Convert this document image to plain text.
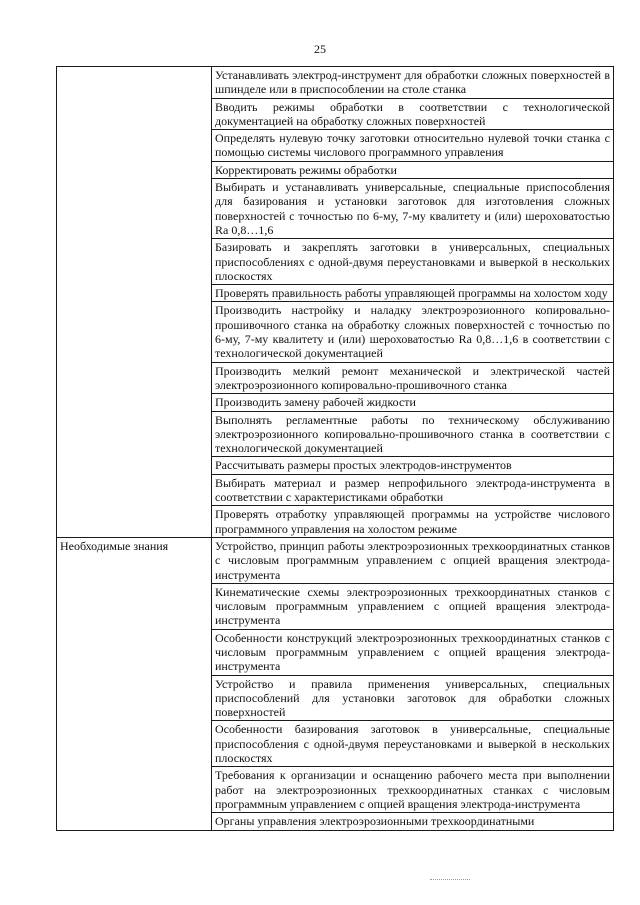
25
	Устанавливать электрод-инструмент для обработки сложных поверхностей в шпинделе или в приспособлении на столе станка
	Вводить режимы обработки в соответствии с технологической документацией на обработку сложных поверхностей
	Определять нулевую точку заготовки относительно нулевой точки станка с помощью системы числового программного управления
	Корректировать режимы обработки
	Выбирать и устанавливать универсальные, специальные приспособления для базирования и установки заготовок для изготовления сложных поверхностей с точностью по 6-му, 7-му квалитету и (или) шероховатостью Ra 0,8…1,6
	Базировать и закреплять заготовки в универсальных, специальных приспособлениях с одной-двумя переустановками и выверкой в нескольких плоскостях
	Проверять правильность работы управляющей программы на холостом ходу
	Производить настройку и наладку электроэрозионного копировально-прошивочного станка на обработку сложных поверхностей с точностью по 6-му, 7-му квалитету и (или) шероховатостью Ra 0,8…1,6 в соответствии с технологической документацией
	Производить мелкий ремонт механической и электрической частей электроэрозионного копировально-прошивочного станка
	Производить замену рабочей жидкости
	Выполнять регламентные работы по техническому обслуживанию электроэрозионного копировально-прошивочного станка в соответствии с технологической документацией
	Рассчитывать размеры простых электродов-инструментов
	Выбирать материал и размер непрофильного электрода-инструмента в соответствии с характеристиками обработки
	Проверять отработку управляющей программы на устройстве числового программного управления на холостом режиме

Необходимые знания	Устройство, принцип работы электроэрозионных трехкоординатных станков с числовым программным управлением с опцией вращения электрода-инструмента
	Кинематические схемы электроэрозионных трехкоординатных станков с числовым программным управлением с опцией вращения электрода-инструмента
	Особенности конструкций электроэрозионных трехкоординатных станков с числовым программным управлением с опцией вращения электрода-инструмента
	Устройство и правила применения универсальных, специальных приспособлений для установки заготовок для обработки сложных поверхностей
	Особенности базирования заготовок в универсальные, специальные приспособления с одной-двумя переустановками и выверкой в нескольких плоскостях
	Требования к организации и оснащению рабочего места при выполнении работ на электроэрозионных трехкоординатных станках с числовым программным управлением с опцией вращения электрода-инструмента
	Органы управления электроэрозионными трехкоординатными
